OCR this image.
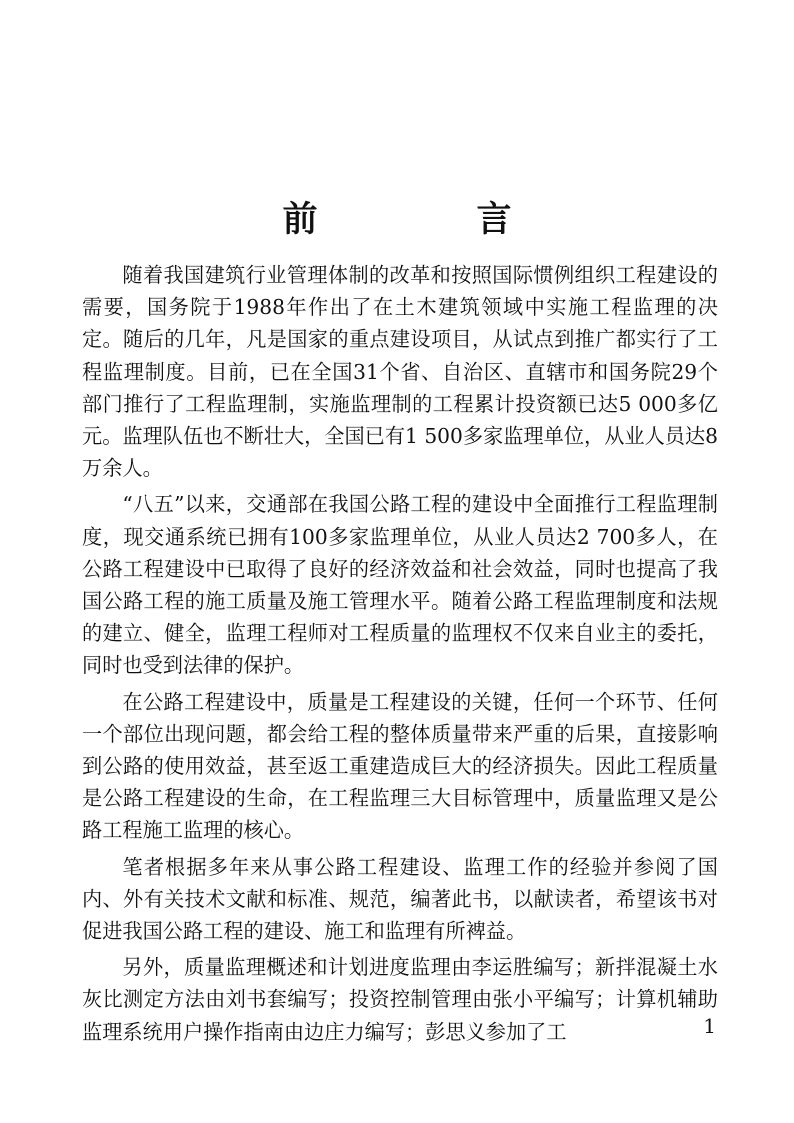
前　言

随着我国建筑行业管理体制的改革和按照国际惯例组织工程建设的需要，国务院于1988年作出了在土木建筑领域中实施工程监理的决定。随后的几年，凡是国家的重点建设项目，从试点到推广都实行了工程监理制度。目前，已在全国31个省、自治区、直辖市和国务院29个部门推行了工程监理制，实施监理制的工程累计投资额已达5 000多亿元。监理队伍也不断壮大，全国已有1 500多家监理单位，从业人员达8万余人。

“八五”以来，交通部在我国公路工程的建设中全面推行工程监理制度，现交通系统已拥有100多家监理单位，从业人员达2 700多人，在公路工程建设中已取得了良好的经济效益和社会效益，同时也提高了我国公路工程的施工质量及施工管理水平。随着公路工程监理制度和法规的建立、健全，监理工程师对工程质量的监理权不仅来自业主的委托，同时也受到法律的保护。

在公路工程建设中，质量是工程建设的关键，任何一个环节、任何一个部位出现问题，都会给工程的整体质量带来严重的后果，直接影响到公路的使用效益，甚至返工重建造成巨大的经济损失。因此工程质量是公路工程建设的生命，在工程监理三大目标管理中，质量监理又是公路工程施工监理的核心。

笔者根据多年来从事公路工程建设、监理工作的经验并参阅了国内、外有关技术文献和标准、规范，编著此书，以献读者，希望该书对促进我国公路工程的建设、施工和监理有所裨益。

另外，质量监理概述和计划进度监理由李运胜编写；新拌混凝土水灰比测定方法由刘书套编写；投资控制管理由张小平编写；计算机辅助监理系统用户操作指南由边庄力编写；彭思义参加了工	1
